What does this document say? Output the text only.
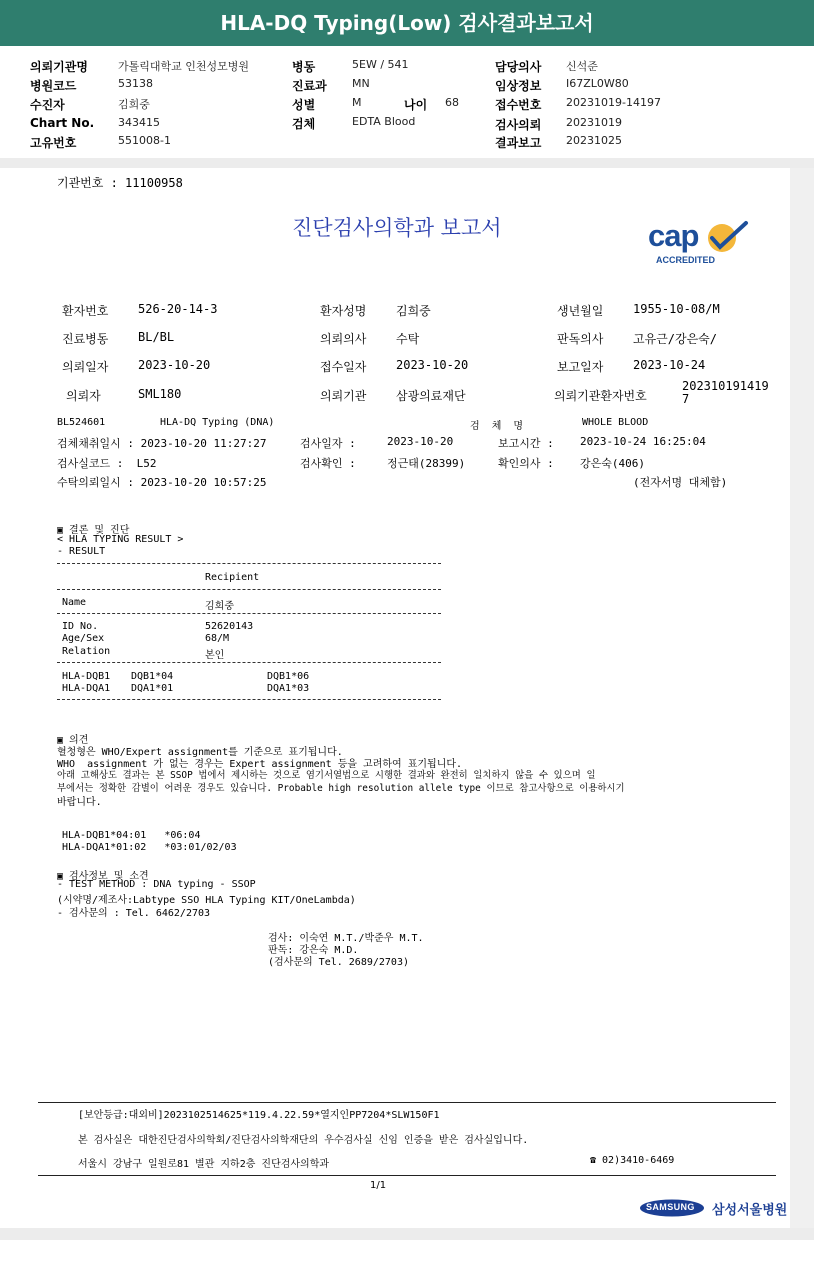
HLA-DQ Typing(Low) 검사결과보고서
의뢰기관명	가톨릭대학교 인천성모병원
병원코드	53138
수진자	김희중
Chart No. 343415
고유번호	551008-1
병동	5EW / 541
진료과 MN
성별	M	나이 68
검체	EDTA Blood
담당의사 신석준
임상정보 I67ZL0W80
접수번호 20231019-14197
검사의뢰 20231019
결과보고 20231025
기관번호 : 11100958
진단검사의학과 보고서

	cap

ACCREDITED

환자번호 526-20-14-3	환자성명 김희중	생년월일 1955-10-08/M
진료병동 BL/BL	의뢰의사 수탁	판독의사 고유근/강은숙/
의뢰일자 2023-10-20	접수일자 2023-10-20	보고일자 2023-10-24
의뢰자	SML180	의뢰기관 삼광의료재단	의뢰기관환자번호
2023101914197
BL524601	HLA-DQ Typing (DNA)	검  체  명	WHOLE BLOOD
검체채취일시 : 2023-10-20 11:27:27	검사일자 :	2023-10-20	보고시간 : 2023-10-24 16:25:04
검사실코드 :  L52	검사확인 :	정근태(28399)	확인의사 : 강은숙(406)
수탁의뢰일시 : 2023-10-20 10:57:25	(전자서명 대체함)
▣ 결론 및 진단
< HLA TYPING RESULT >
- RESULT
Recipient
Name	김희중
ID No.	52620143
Age/Sex	68/M
Relation	본인
HLA-DQB1 DQB1*04	DQB1*06
HLA-DQA1 DQA1*01	DQA1*03
▣ 의견
혈청형은 WHO/Expert assignment를 기준으로 표기됩니다.
WHO  assignment 가 없는 경우는 Expert assignment 등을 고려하여 표기됩니다.
아래 고해상도 결과는 본 SSOP 법에서 제시하는 것으로 염기서열법으로 시행한 결과와 완전히 일치하지 않을 수 있으며 일
부에서는 정확한 감별이 어려운 경우도 있습니다. Probable high resolution allele type 이므로 참고사항으로 이용하시기
바랍니다.
HLA-DQB1*04:01   *06:04
HLA-DQA1*01:02   *03:01/02/03
▣ 검사정보 및 소견
- TEST METHOD : DNA typing - SSOP
(시약명/제조사:Labtype SSO HLA Typing KIT/OneLambda)
- 검사문의 : Tel. 6462/2703
검사: 이숙연 M.T./박준우 M.T.
판독: 강은숙 M.D.
(검사문의 Tel. 2689/2703)
[보안등급:대외비]2023102514625*119.4.22.59*열지인PP7204*SLW150F1
본 검사실은 대한진단검사의학회/진단검사의학재단의 우수검사실 신임 인증을 받은 검사실입니다.
서울시 강남구 일원로81 별관 지하2층 진단검사의학과	☎ 02)3410-6469
1/1

SAMSUNG

삼성서울병원
